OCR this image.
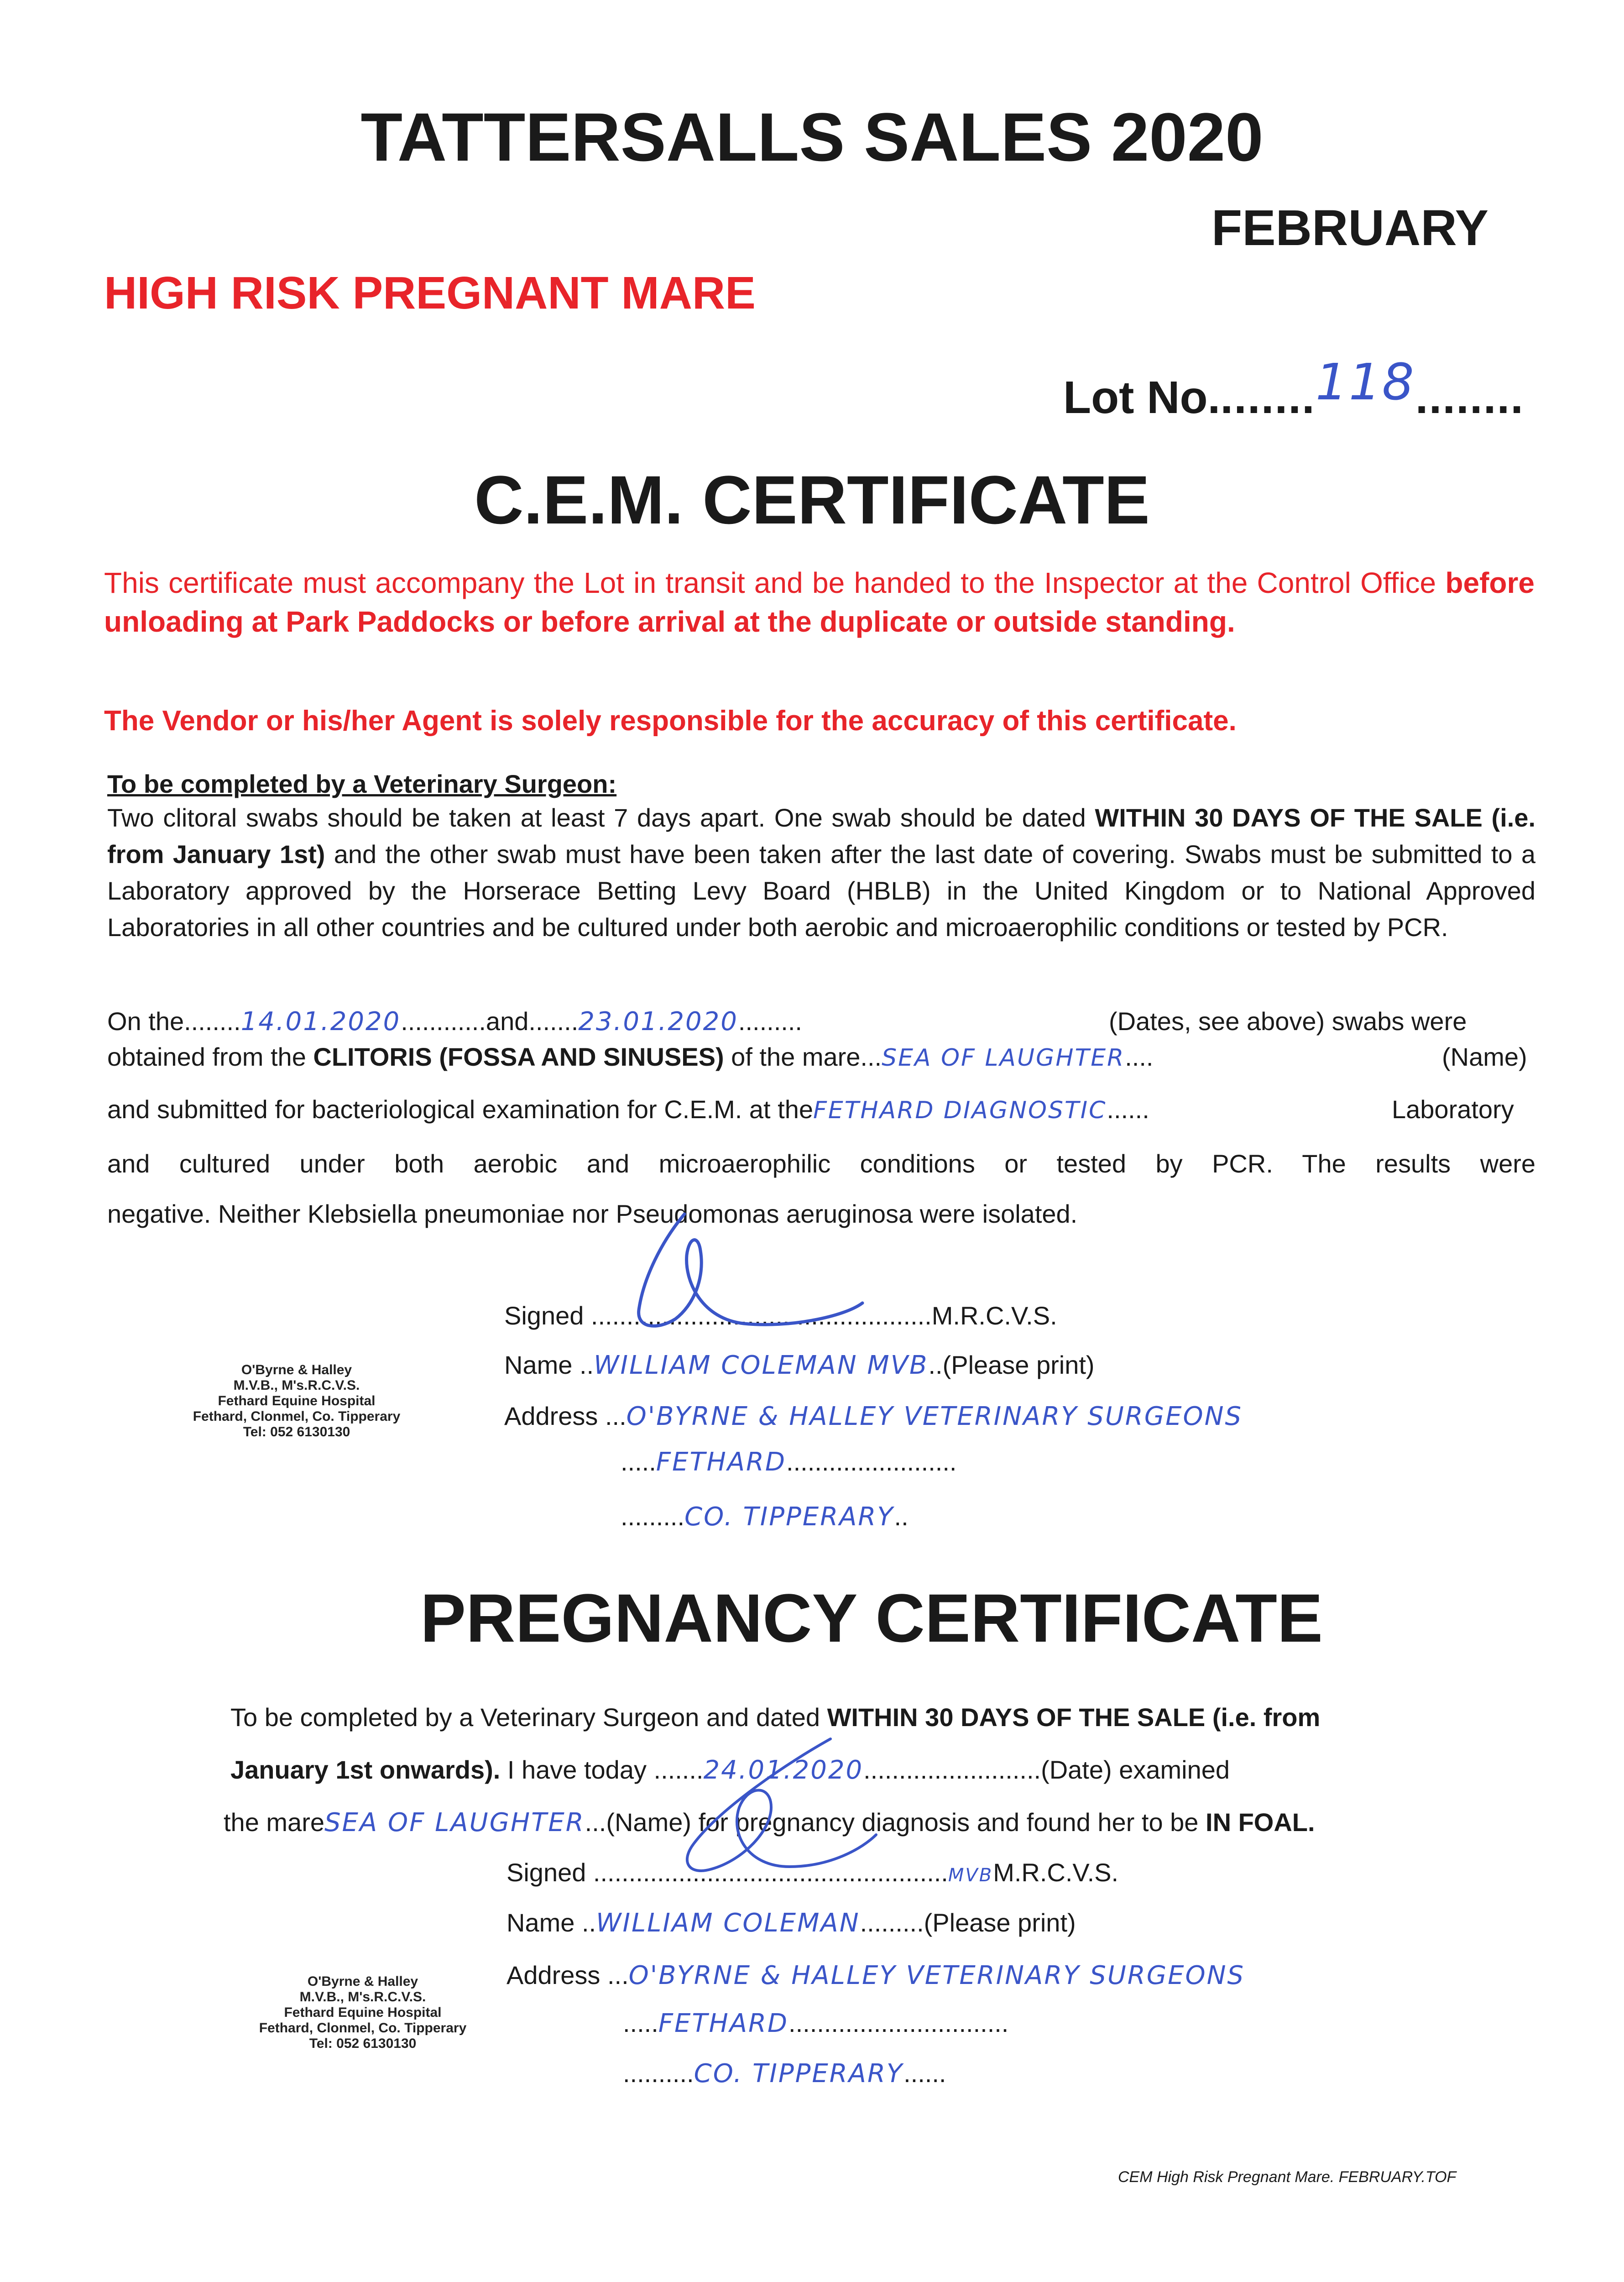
TATTERSALLS SALES 2020
FEBRUARY
HIGH RISK PREGNANT MARE
Lot No........118........
C.E.M. CERTIFICATE
This certificate must accompany the Lot in transit and be handed to the Inspector at the Control Office before unloading at Park Paddocks or before arrival at the duplicate or outside standing.
The Vendor or his/her Agent is solely responsible for the accuracy of this certificate.
To be completed by a Veterinary Surgeon:
Two clitoral swabs should be taken at least 7 days apart. One swab should be dated WITHIN 30 DAYS OF THE SALE (i.e. from January 1st) and the other swab must have been taken after the last date of covering. Swabs must be submitted to a Laboratory approved by the Horserace Betting Levy Board (HBLB) in the United Kingdom or to National Approved Laboratories in all other countries and be cultured under both aerobic and microaerophilic conditions or tested by PCR.
On the........14.01.2020............and.......23.01.2020.........	(Dates, see above) swabs were
obtained from the CLITORIS (FOSSA AND SINUSES) of the mare...SEA OF LAUGHTER....	(Name)
and submitted for bacteriological examination for C.E.M. at theFETHARD DIAGNOSTIC......	Laboratory
and cultured under both aerobic and microaerophilic conditions or tested by PCR. The results were
negative. Neither Klebsiella pneumoniae nor Pseudomonas aeruginosa were isolated.
Signed ................................................M.R.C.V.S.
Name ..WILLIAM COLEMAN MVB..(Please print)
Address ...O'BYRNE & HALLEY VETERINARY SURGEONS
.....FETHARD........................
.........CO. TIPPERARY..
O'Byrne & Halley
M.V.B., M's.R.C.V.S.
Fethard Equine Hospital
Fethard, Clonmel, Co. Tipperary
Tel: 052 6130130
PREGNANCY CERTIFICATE
To be completed by a Veterinary Surgeon and dated WITHIN 30 DAYS OF THE SALE (i.e. from
January 1st onwards). I have today .......24.01.2020.........................(Date) examined
the mareSEA OF LAUGHTER...(Name) for pregnancy diagnosis and found her to be IN FOAL.
Signed ..................................................MVBM.R.C.V.S.
Name ..WILLIAM COLEMAN.........(Please print)
Address ...O'BYRNE & HALLEY VETERINARY SURGEONS
.....FETHARD...............................
..........CO. TIPPERARY......
O'Byrne & Halley
M.V.B., M's.R.C.V.S.
Fethard Equine Hospital
Fethard, Clonmel, Co. Tipperary
Tel: 052 6130130
CEM High Risk Pregnant Mare. FEBRUARY.TOF
